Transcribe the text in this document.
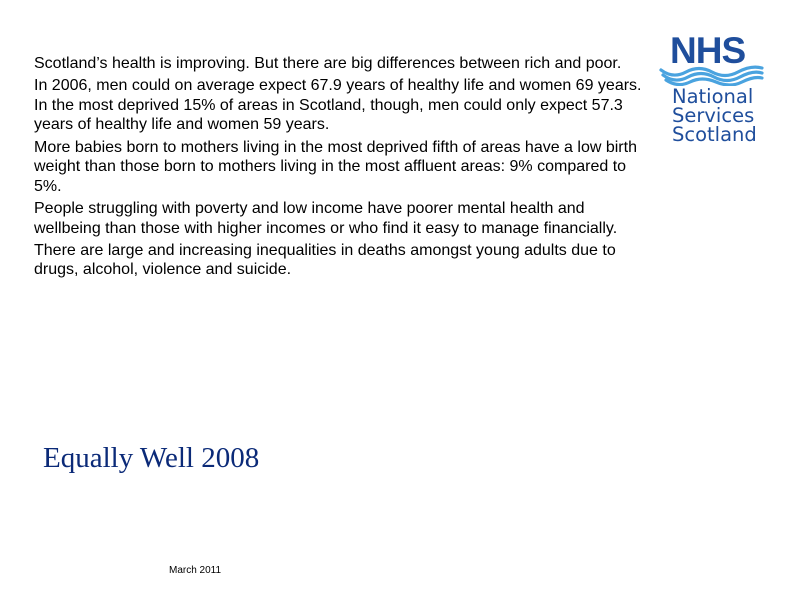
Scotland’s health is improving. But there are big differences between rich and poor.

In 2006, men could on average expect 67.9 years of healthy life and women 69 years. In the most deprived 15% of areas in Scotland, though, men could only expect 57.3 years of healthy life and women 59 years.

More babies born to mothers living in the most deprived fifth of areas have a low birth weight than those born to mothers living in the most affluent areas: 9% compared to 5%.

People struggling with poverty and low income have poorer mental health and wellbeing than those with higher incomes or who find it easy to manage financially.

There are large and increasing inequalities in deaths amongst young adults due to drugs, alcohol, violence and suicide.

Equally Well 2008
March 2011
NHS
National
Services
Scotland
